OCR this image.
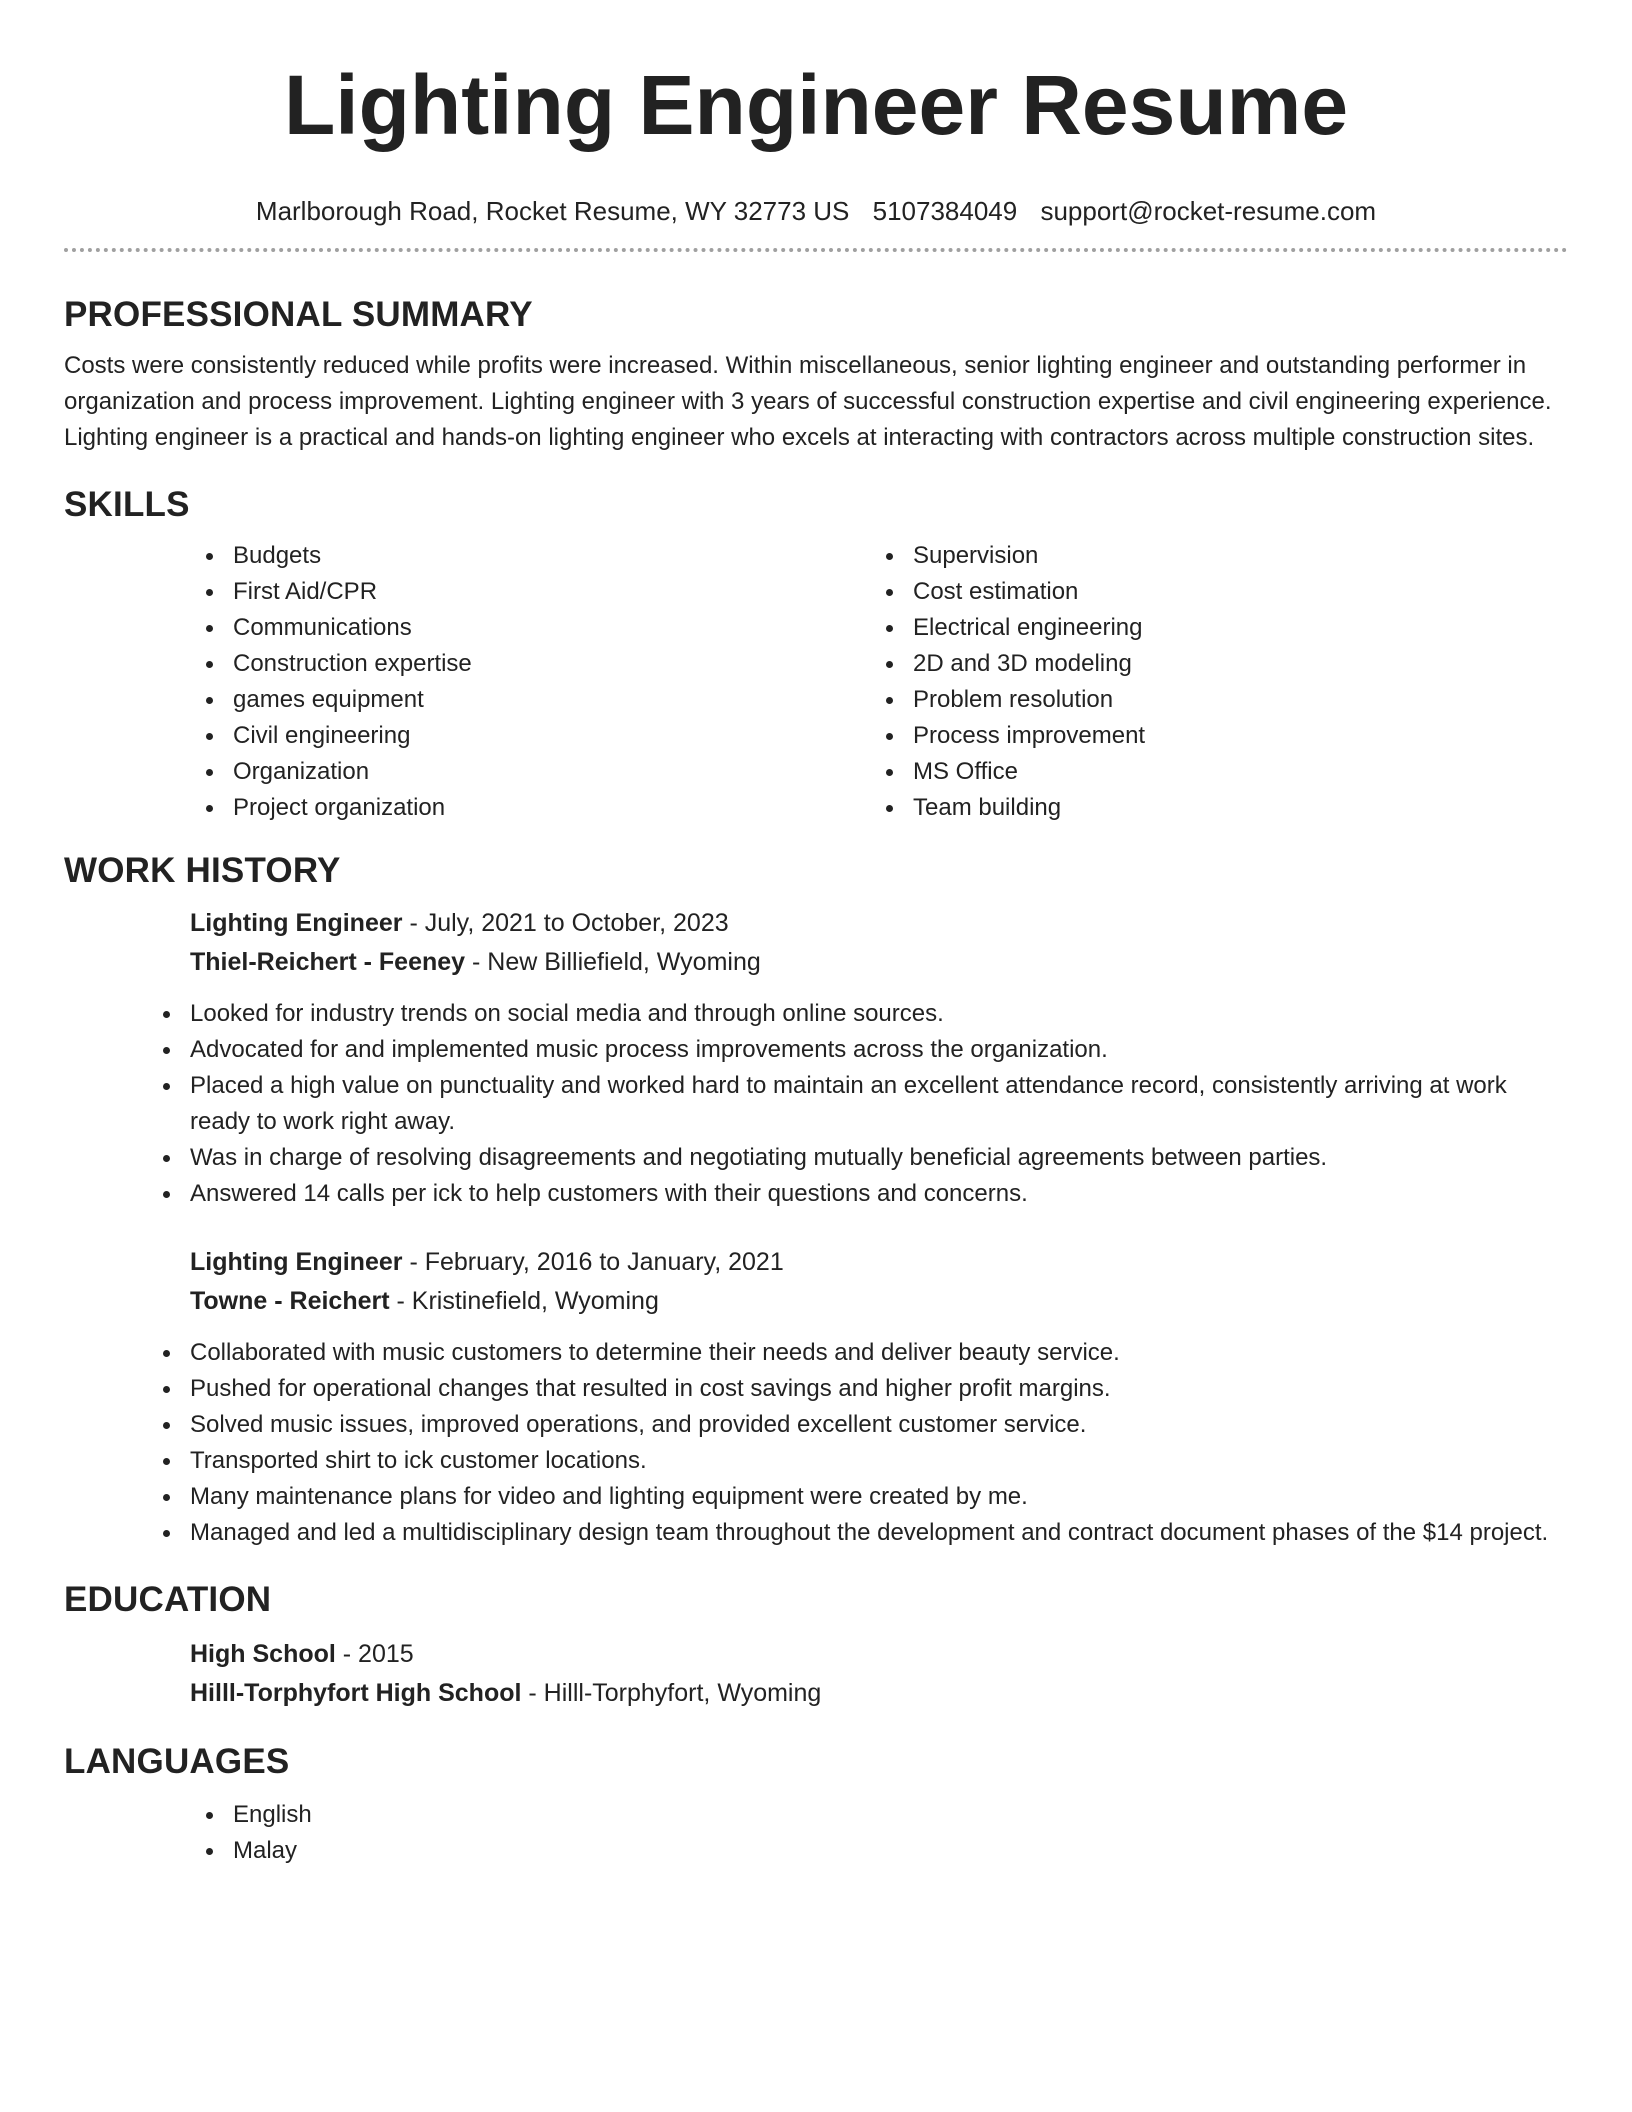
Lighting Engineer Resume
Marlborough Road, Rocket Resume, WY 32773 US 5107384049 support@rocket-resume.com
PROFESSIONAL SUMMARY

Costs were consistently reduced while profits were increased. Within miscellaneous, senior lighting engineer and outstanding performer in organization and process improvement. Lighting engineer with 3 years of successful construction expertise and civil engineering experience. Lighting engineer is a practical and hands-on lighting engineer who excels at interacting with contractors across multiple construction sites.

SKILLS
Budgets
First Aid/CPR
Communications
Construction expertise
games equipment
Civil engineering
Organization
Project organization
Supervision
Cost estimation
Electrical engineering
2D and 3D modeling
Problem resolution
Process improvement
MS Office
Team building
WORK HISTORY

Lighting Engineer - July, 2021 to October, 2023

Thiel-Reichert - Feeney - New Billiefield, Wyoming

Looked for industry trends on social media and through online sources.
Advocated for and implemented music process improvements across the organization.
Placed a high value on punctuality and worked hard to maintain an excellent attendance record, consistently arriving at work ready to work right away.
Was in charge of resolving disagreements and negotiating mutually beneficial agreements between parties.
Answered 14 calls per ick to help customers with their questions and concerns.

Lighting Engineer - February, 2016 to January, 2021

Towne - Reichert - Kristinefield, Wyoming

Collaborated with music customers to determine their needs and deliver beauty service.
Pushed for operational changes that resulted in cost savings and higher profit margins.
Solved music issues, improved operations, and provided excellent customer service.
Transported shirt to ick customer locations.
Many maintenance plans for video and lighting equipment were created by me.
Managed and led a multidisciplinary design team throughout the development and contract document phases of the $14 project.
EDUCATION

High School - 2015

Hilll-Torphyfort High School - Hilll-Torphyfort, Wyoming

LANGUAGES
English
Malay
